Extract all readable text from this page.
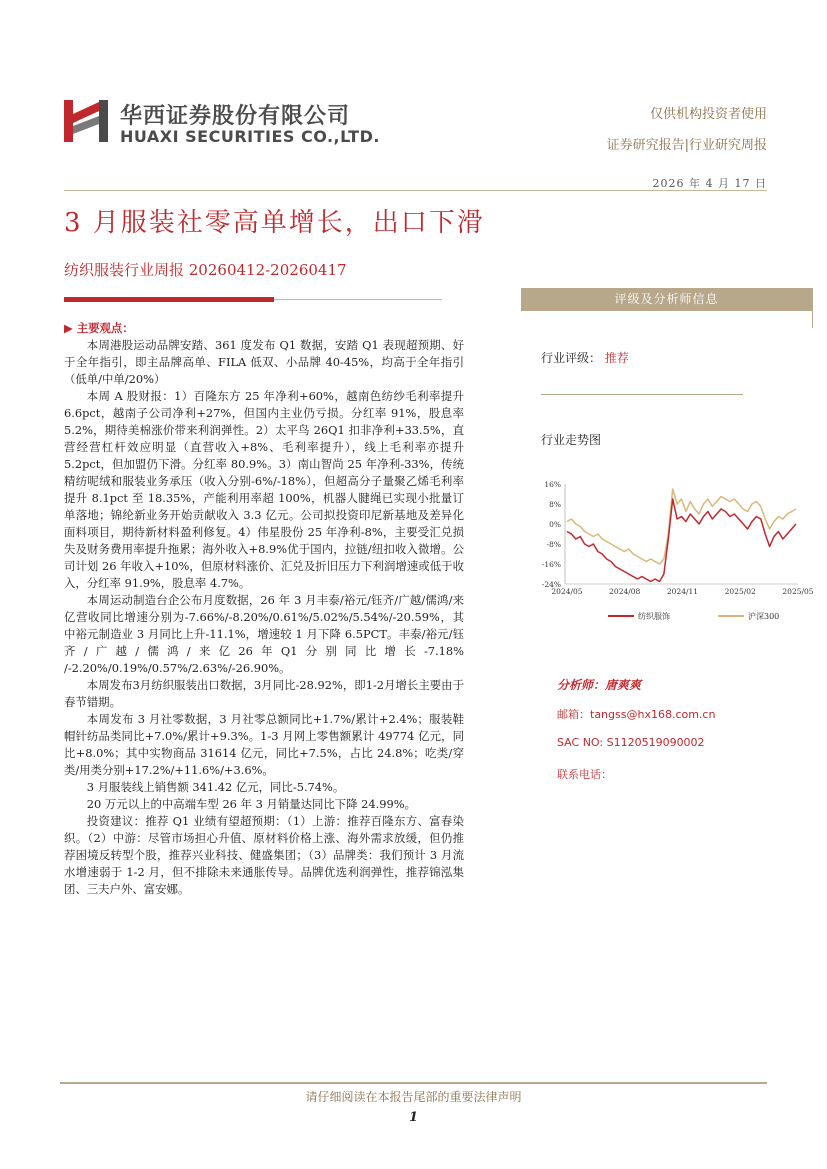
华西证券股份有限公司
HUAXI SECURITIES CO.,LTD.
仅供机构投资者使用
证券研究报告|行业研究周报
2026 年 4 月 17 日
3 月服装社零高单增长，出口下滑
纺织服装行业周报 20260412-20260417
▶ 主要观点：

本周港股运动品牌安踏、361 度发布 Q1 数据，安踏 Q1 表现超预期、好于全年指引，即主品牌高单、FILA 低双、小品牌 40-45%，均高于全年指引（低单/中单/20%）

本周 A 股财报：1）百隆东方 25 年净利+60%，越南色纺纱毛利率提升 6.6pct，越南子公司净利+27%，但国内主业仍亏损。分红率 91%，股息率 5.2%，期待美棉涨价带来利润弹性。2）太平鸟 26Q1 扣非净利+33.5%，直营经营杠杆效应明显（直营收入+8%、毛利率提升），线上毛利率亦提升 5.2pct，但加盟仍下滑。分红率 80.9%。3）南山智尚 25 年净利-33%，传统精纺呢绒和服装业务承压（收入分别-6%/-18%），但超高分子量聚乙烯毛利率提升 8.1pct 至 18.35%，产能利用率超 100%，机器人腱绳已实现小批量订单落地；锦纶新业务开始贡献收入 3.3 亿元。公司拟投资印尼新基地及差异化面料项目，期待新材料盈利修复。4）伟星股份 25 年净利-8%，主要受汇兑损失及财务费用率提升拖累；海外收入+8.9%优于国内，拉链/纽扣收入微增。公司计划 26 年收入+10%，但原材料涨价、汇兑及折旧压力下利润增速或低于收入，分红率 91.9%，股息率 4.7%。

本周运动制造台企公布月度数据，26 年 3 月丰泰/裕元/钰齐/广越/儒鸿/来亿营收同比增速分别为-7.66%/-8.20%/0.61%/5.02%/5.54%/-20.59%，其中裕元制造业 3 月同比上升-11.1%，增速较 1 月下降 6.5PCT。丰泰/裕元/钰齐/广越/儒鸿/来亿26年Q1分别同比增长-7.18% /-2.20%/0.19%/0.57%/2.63%/-26.90%。

本周发布3月纺织服装出口数据，3月同比-28.92%，即1-2月增长主要由于春节错期。

本周发布 3 月社零数据，3 月社零总额同比+1.7%/累计+2.4%；服装鞋帽针纺品类同比+7.0%/累计+9.3%。1-3 月网上零售额累计 49774 亿元，同比+8.0%；其中实物商品 31614 亿元，同比+7.5%，占比 24.8%；吃类/穿类/用类分别+17.2%/+11.6%/+3.6%。

3 月服装线上销售额 341.42 亿元，同比-5.74%。

20 万元以上的中高端车型 26 年 3 月销量达同比下降 24.99%。

投资建议：推荐 Q1 业绩有望超预期：（1）上游：推荐百隆东方、富春染织。（2）中游：尽管市场担心升值、原材料价格上涨、海外需求放缓，但仍推荐困境反转型个股，推荐兴业科技、健盛集团；（3）品牌类：我们预计 3 月流水增速弱于 1-2 月，但不排除未来通胀传导。品牌优选利润弹性，推荐锦泓集团、三夫户外、富安娜。

评级及分析师信息
行业评级： 推荐
行业走势图
16%
8%
0%
-8%
-16%
-24%
2024/05	2024/08	2024/11	2025/02	2025/05
纺织服饰	沪深300
分析师：唐爽爽
邮箱：tangss@hx168.com.cn
SAC NO: S1120519090002
联系电话：
请仔细阅读在本报告尾部的重要法律声明
1
